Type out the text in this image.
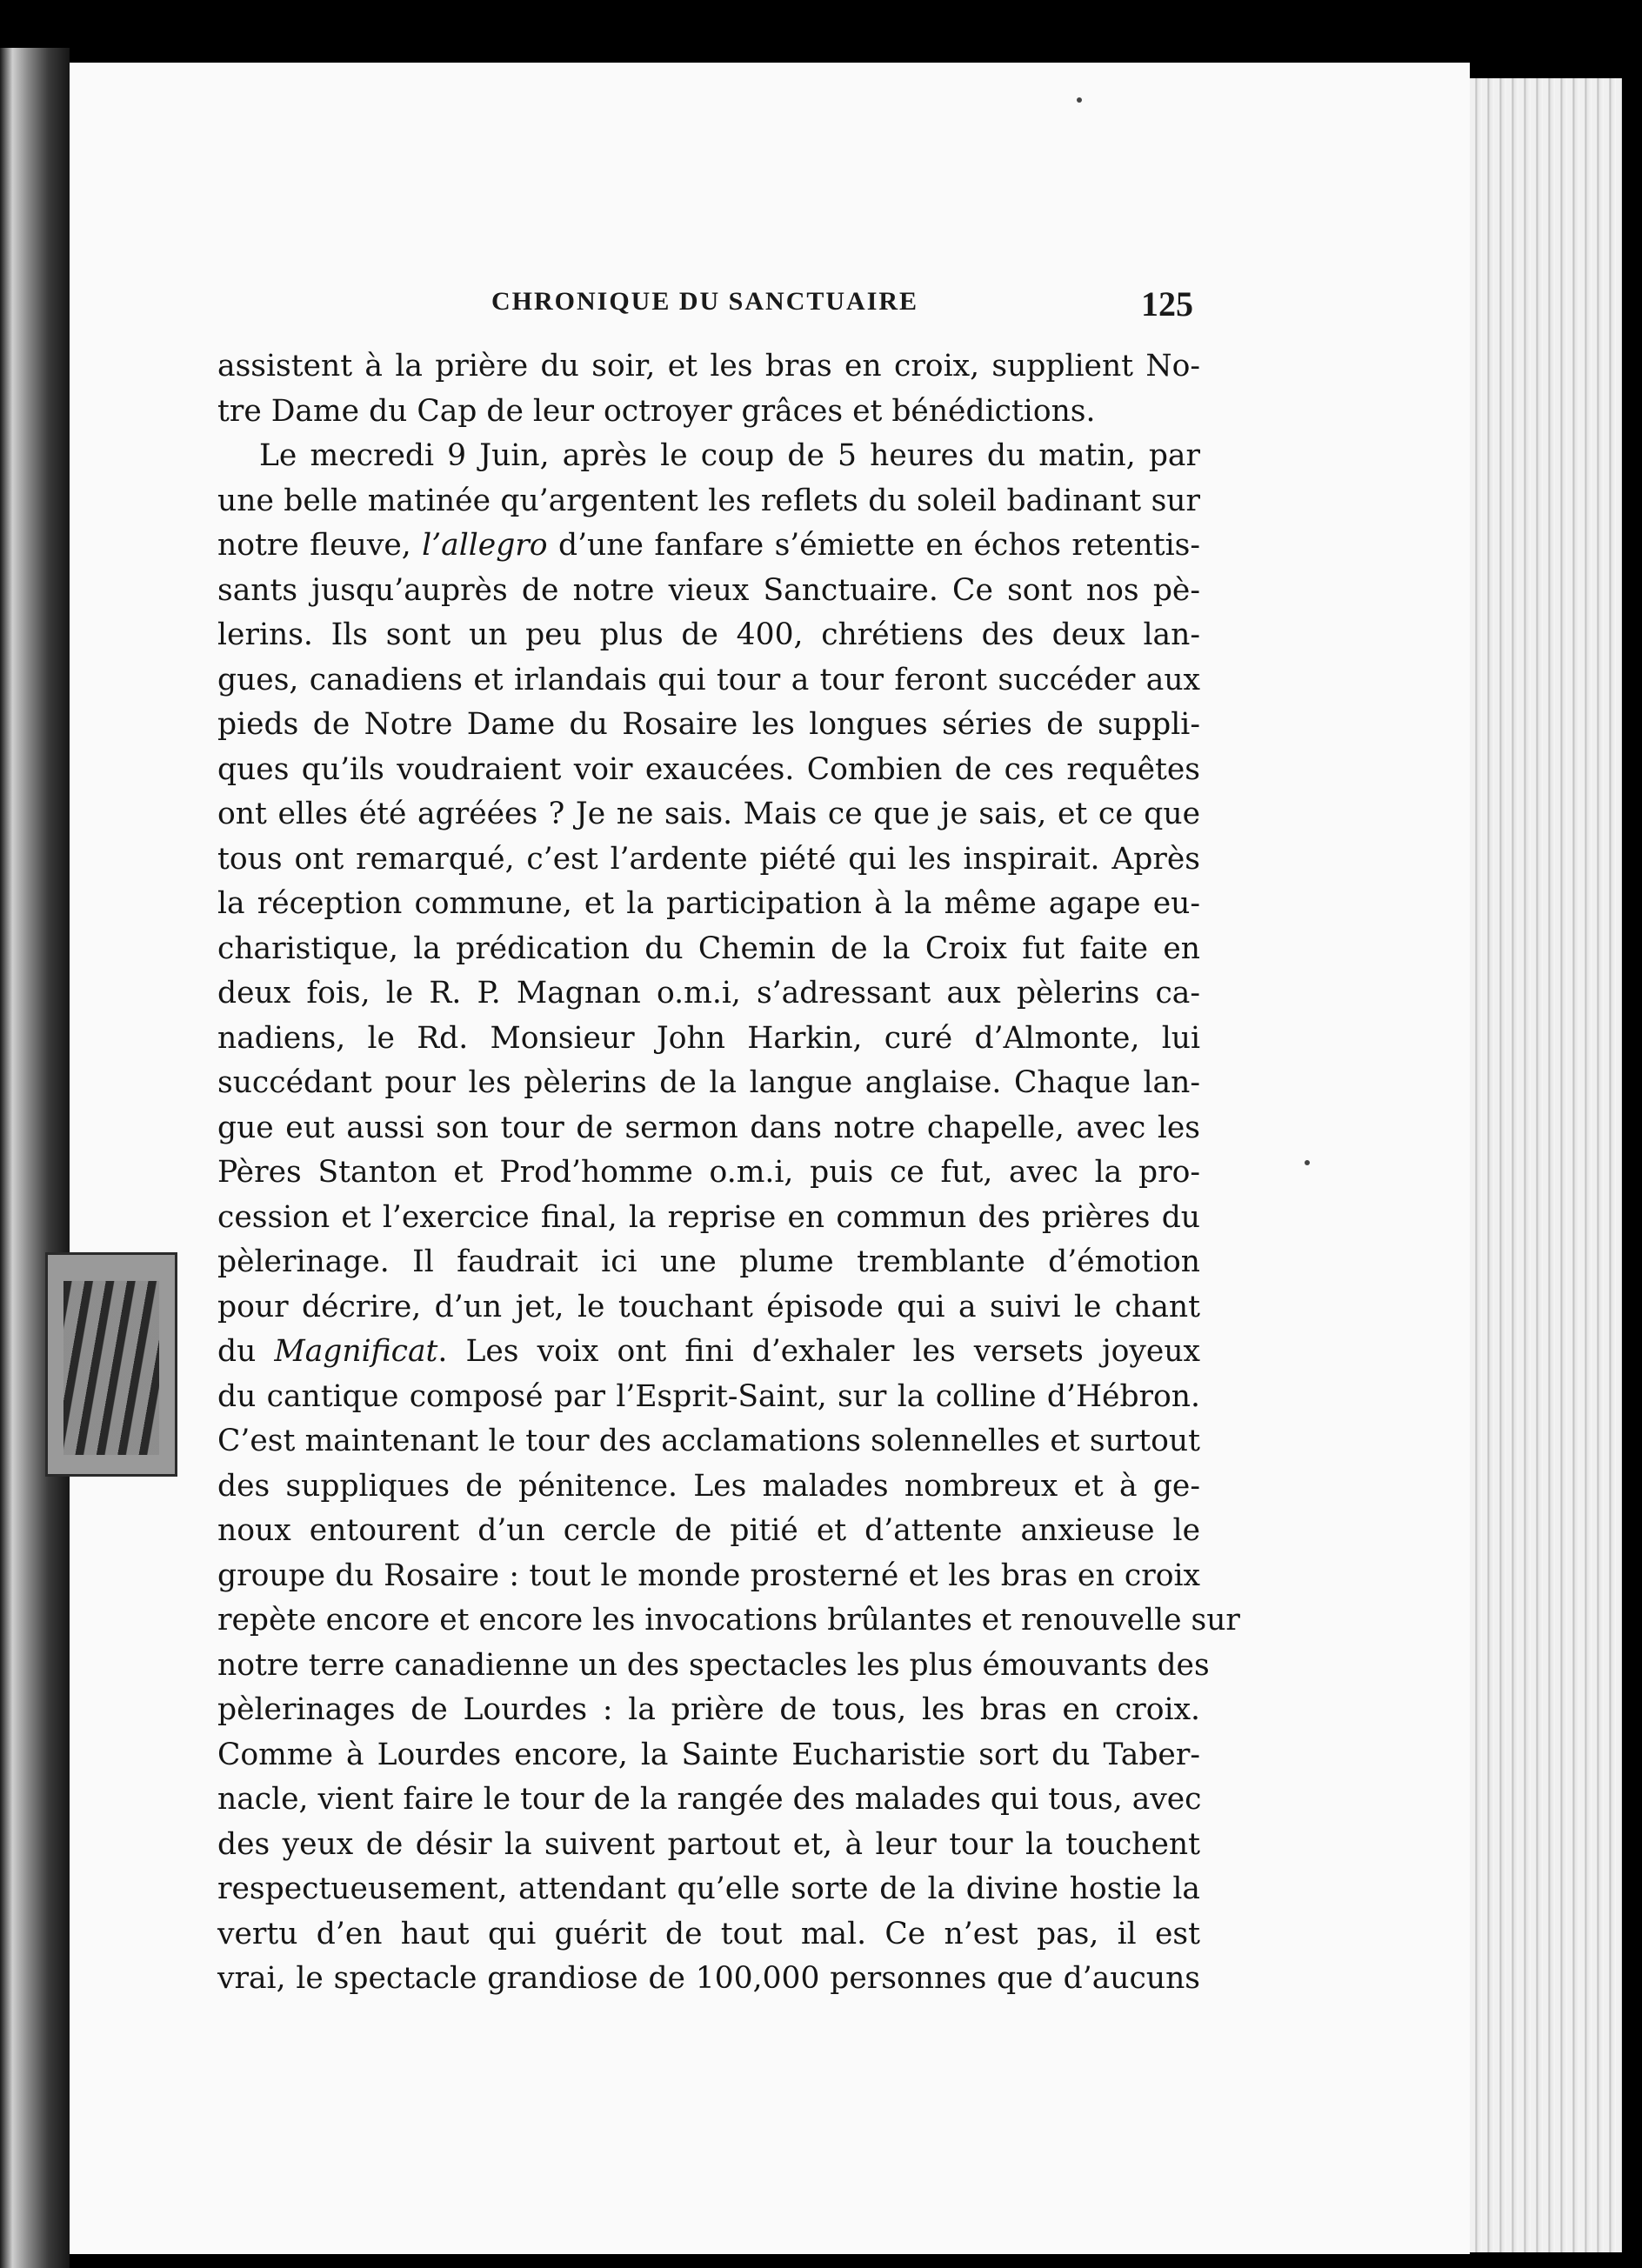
CHRONIQUE DU SANCTUAIRE	125
assistent à la prière du soir, et les bras en croix, supplient No-
tre Dame du Cap de leur octroyer grâces et bénédictions.
Le mecredi 9 Juin, après le coup de 5 heures du matin, par
une belle matinée qu’argentent les reflets du soleil badinant sur
notre fleuve, l’allegro d’une fanfare s’émiette en échos retentis-
sants jusqu’auprès de notre vieux Sanctuaire. Ce sont nos pè-
lerins. Ils sont un peu plus de 400, chrétiens des deux lan-
gues, canadiens et irlandais qui tour a tour feront succéder aux
pieds de Notre Dame du Rosaire les longues séries de suppli-
ques qu’ils voudraient voir exaucées. Combien de ces requêtes
ont elles été agréées ? Je ne sais. Mais ce que je sais, et ce que
tous ont remarqué, c’est l’ardente piété qui les inspirait. Après
la réception commune, et la participation à la même agape eu-
charistique, la prédication du Chemin de la Croix fut faite en
deux fois, le R. P. Magnan o.m.i, s’adressant aux pèlerins ca-
nadiens, le Rd. Monsieur John Harkin, curé d’Almonte, lui
succédant pour les pèlerins de la langue anglaise. Chaque lan-
gue eut aussi son tour de sermon dans notre chapelle, avec les
Pères Stanton et Prod’homme o.m.i, puis ce fut, avec la pro-
cession et l’exercice final, la reprise en commun des prières du
pèlerinage. Il faudrait ici une plume tremblante d’émotion
pour décrire, d’un jet, le touchant épisode qui a suivi le chant
du Magnificat. Les voix ont fini d’exhaler les versets joyeux
du cantique composé par l’Esprit-Saint, sur la colline d’Hébron.
C’est maintenant le tour des acclamations solennelles et surtout
des suppliques de pénitence. Les malades nombreux et à ge-
noux entourent d’un cercle de pitié et d’attente anxieuse le
groupe du Rosaire : tout le monde prosterné et les bras en croix
repète encore et encore les invocations brûlantes et renouvelle sur
notre terre canadienne un des spectacles les plus émouvants des
pèlerinages de Lourdes : la prière de tous, les bras en croix.
Comme à Lourdes encore, la Sainte Eucharistie sort du Taber-
nacle, vient faire le tour de la rangée des malades qui tous, avec
des yeux de désir la suivent partout et, à leur tour la touchent
respectueusement, attendant qu’elle sorte de la divine hostie la
vertu d’en haut qui guérit de tout mal. Ce n’est pas, il est
vrai, le spectacle grandiose de 100,000 personnes que d’aucuns
